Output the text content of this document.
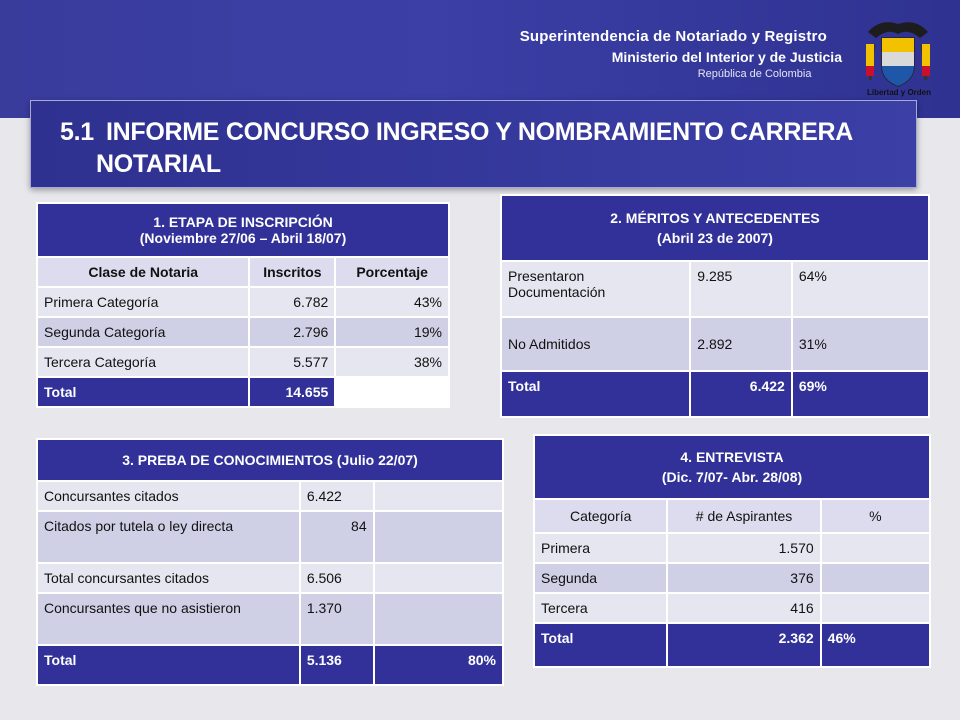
Superintendencia de Notariado y Registro
Ministerio del Interior y de Justicia
República de Colombia
Libertad y Orden
5.1 INFORME CONCURSO INGRESO Y NOMBRAMIENTO CARRERA
NOTARIAL
1. ETAPA DE INSCRIPCIÓN
(Noviembre 27/06 – Abril 18/07)		

Clase de Notaria	Inscritos	Porcentaje
Primera Categoría	6.782	43%
Segunda Categoría	2.796	19%
Tercera Categoría	5.577	38%
Total	14.655	
2. MÉRITOS Y ANTECEDENTES
(Abril 23 de 2007)		

Presentaron Documentación	9.285	64%
No Admitidos	2.892	31%
Total	6.422	69%
3. PREBA DE CONOCIMIENTOS (Julio 22/07)		
Concursantes citados	6.422	
Citados por tutela o ley directa	84	
Total concursantes citados	6.506	
Concursantes que no asistieron	1.370	
Total	5.136	80%
4. ENTREVISTA
(Dic. 7/07- Abr. 28/08)		

Categoría	# de Aspirantes	%
Primera	1.570	
Segunda	376	
Tercera	416	
Total	2.362	46%
